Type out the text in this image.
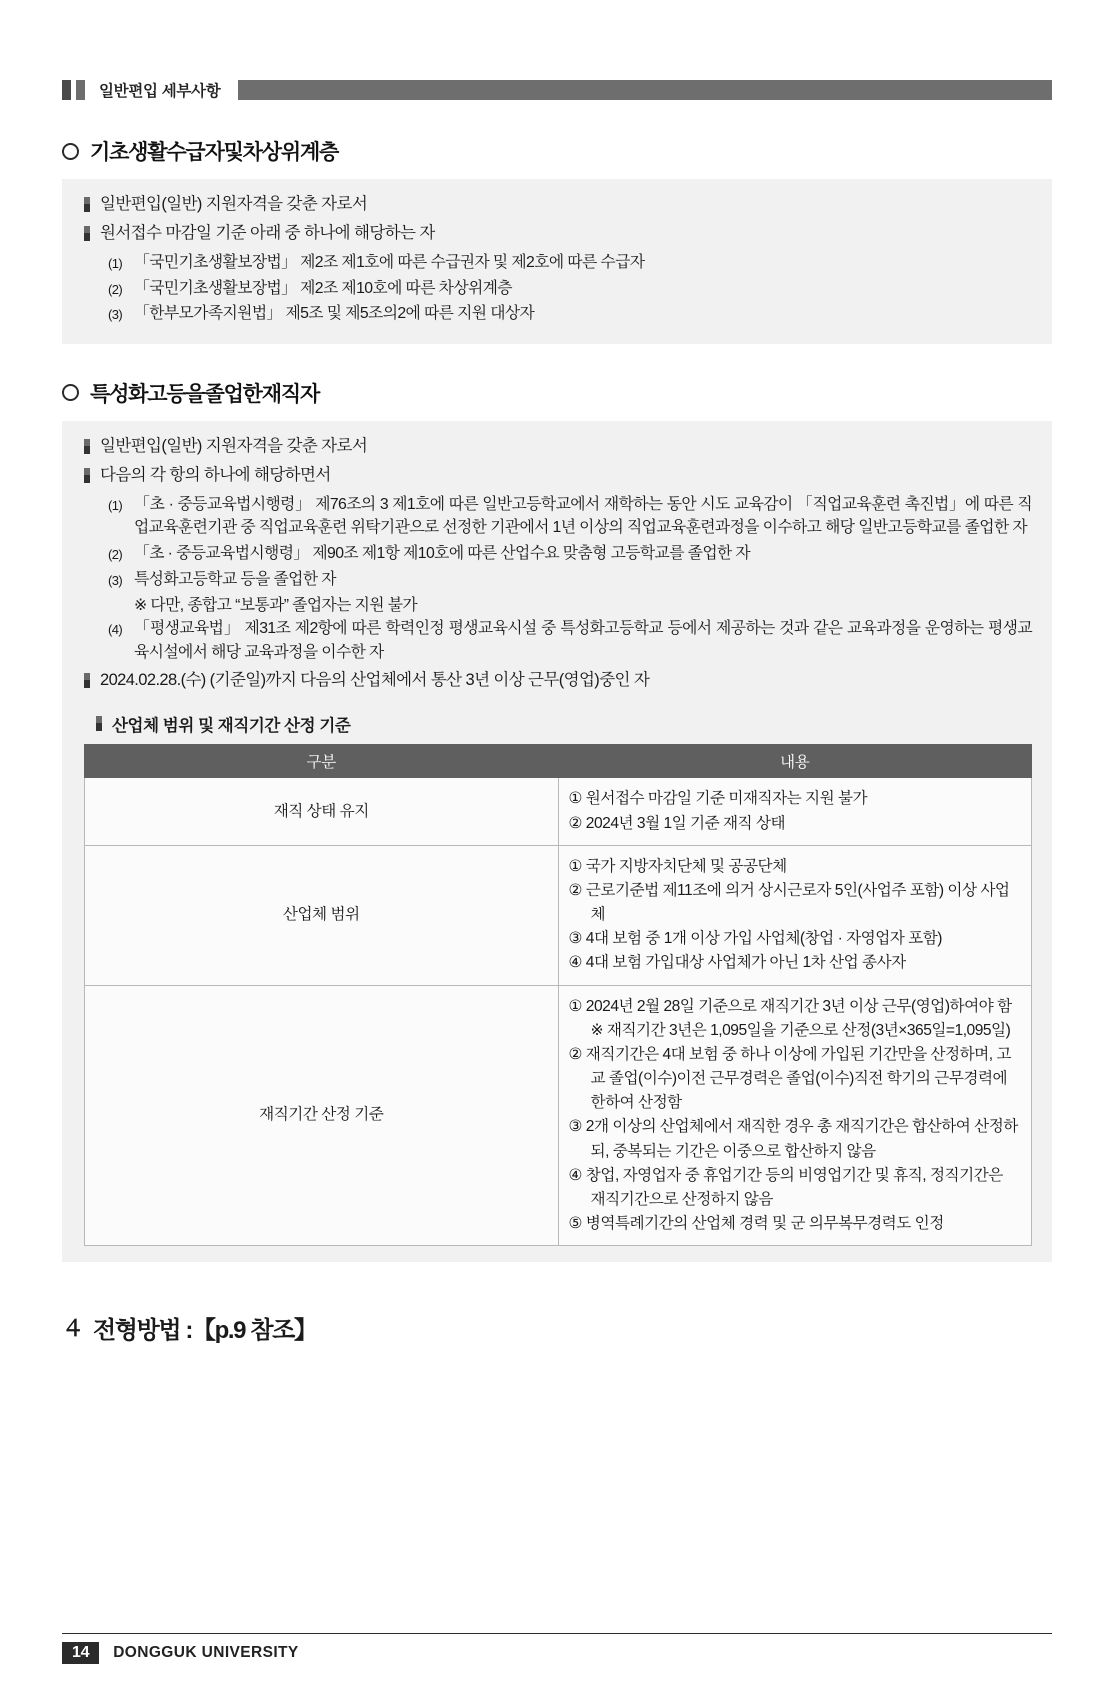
일반편입 세부사항
기초생활수급자및차상위계층
일반편입(일반) 지원자격을 갖춘 자로서
원서접수 마감일 기준 아래 중 하나에 해당하는 자
(1) 「국민기초생활보장법」 제2조 제1호에 따른 수급권자 및 제2호에 따른 수급자
(2) 「국민기초생활보장법」 제2조 제10호에 따른 차상위계층
(3) 「한부모가족지원법」 제5조 및 제5조의2에 따른 지원 대상자
특성화고등을졸업한재직자
일반편입(일반) 지원자격을 갖춘 자로서
다음의 각 항의 하나에 해당하면서
(1) 「초 · 중등교육법시행령」 제76조의 3 제1호에 따른 일반고등학교에서 재학하는 동안 시도 교육감이 「직업교육훈련 촉진법」에 따른 직업교육훈련기관 중 직업교육훈련 위탁기관으로 선정한 기관에서 1년 이상의 직업교육훈련과정을 이수하고 해당 일반고등학교를 졸업한 자
(2) 「초 · 중등교육법시행령」 제90조 제1항 제10호에 따른 산업수요 맞춤형 고등학교를 졸업한 자
(3) 특성화고등학교 등을 졸업한 자
※ 다만, 종합고 “보통과” 졸업자는 지원 불가
(4) 「평생교육법」 제31조 제2항에 따른 학력인정 평생교육시설 중 특성화고등학교 등에서 제공하는 것과 같은 교육과정을 운영하는 평생교육시설에서 해당 교육과정을 이수한 자
2024.02.28.(수) (기준일)까지 다음의 산업체에서 통산 3년 이상 근무(영업)중인 자
산업체 범위 및 재직기간 산정 기준
구분	내용
재직 상태 유지	① 원서접수 마감일 기준 미재직자는 지원 불가
② 2024년 3월 1일 기준 재직 상태

산업체 범위	① 국가 지방자치단체 및 공공단체
② 근로기준법 제11조에 의거 상시근로자 5인(사업주 포함) 이상 사업체
③ 4대 보험 중 1개 이상 가입 사업체(창업 · 자영업자 포함)
④ 4대 보험 가입대상 사업체가 아닌 1차 산업 종사자

재직기간 산정 기준	
① 2024년 2월 28일 기준으로 재직기간 3년 이상 근무(영업)하여야 함
※ 재직기간 3년은 1,095일을 기준으로 산정(3년×365일=1,095일)
② 재직기간은 4대 보험 중 하나 이상에 가입된 기간만을 산정하며, 고교 졸업(이수)이전 근무경력은 졸업(이수)직전 학기의 근무경력에 한하여 산정함
③ 2개 이상의 산업체에서 재직한 경우 총 재직기간은 합산하여 산정하되, 중복되는 기간은 이중으로 합산하지 않음
④ 창업, 자영업자 중 휴업기간 등의 비영업기간 및 휴직, 정직기간은 재직기간으로 산정하지 않음
⑤ 병역특례기간의 산업체 경력 및 군 의무복무경력도 인정
４ 전형방법 :【p.9 참조】
14	DONGGUK UNIVERSITY
